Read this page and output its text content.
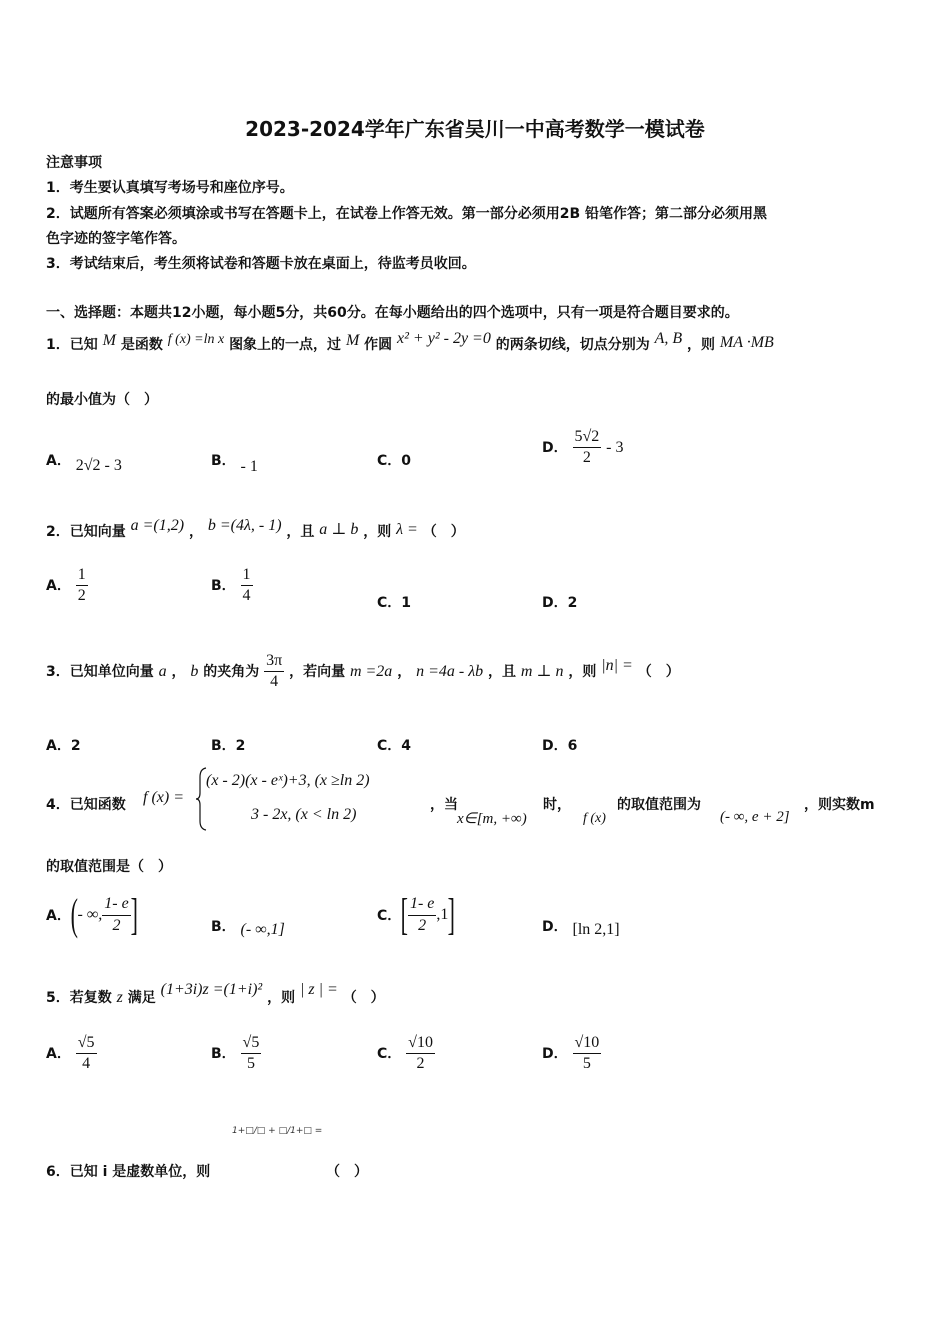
2023-2024学年广东省吴川一中高考数学一模试卷
注意事项
1．考生要认真填写考场号和座位序号。
2．试题所有答案必须填涂或书写在答题卡上，在试卷上作答无效。第一部分必须用2B 铅笔作答；第二部分必须用黑
色字迹的签字笔作答。
3．考试结束后，考生须将试卷和答题卡放在桌面上，待监考员收回。
一、选择题：本题共12小题，每小题5分，共60分。在每小题给出的四个选项中，只有一项是符合题目要求的。
1．已知 M 是函数 f (x) =ln x 图象上的一点，过 M 作圆 x² + y² - 2y =0 的两条切线，切点分别为 A, B ，则 MA ·MB
的最小值为（　）
A． 2√2 - 3	B． - 1	C．0
D． $\frac{5√2}{2} - 3$
2．已知向量 a =(1,2) ， b =(4λ, - 1) ，且 a ⊥ b ，则 λ = （　）
A． $\frac{1}{2}$	B． $\frac{1}{4}$	C．1	D．2
3．已知单位向量 a ， b 的夹角为 $\frac{3\pi}{4}$ ，若向量 m =2a ， n =4a - λb ，且 m ⊥ n ，则 |n| = （　）
A．2	B．2	C．4	D．6
4．已知函数 f (x) =
(x - 2)(x - eˣ)+3, (x ≥ln 2)
3 - 2x, (x < ln 2)
，当
x∈[m, +∞)
时，
f (x)
的取值范围为
(- ∞, e + 2]
，则实数m
的取值范围是（　）
A． ( - ∞, $\frac{1- e}{2}$ ]	B． (- ∞,1]
C． [ $\frac{1- e}{2} ,1$ ]	D． [ln 2,1]
5．若复数 z 满足 (1+3i)z =(1+i)² ，则 | z | = （　）
A． $\frac{√5}{4}$	B． $\frac{√5}{5}$	C． $\frac{√10}{2}$	D． $\frac{√10}{5}$
1+□/□ + □/1+□ =
6．已知 i 是虚数单位，则	（　）
